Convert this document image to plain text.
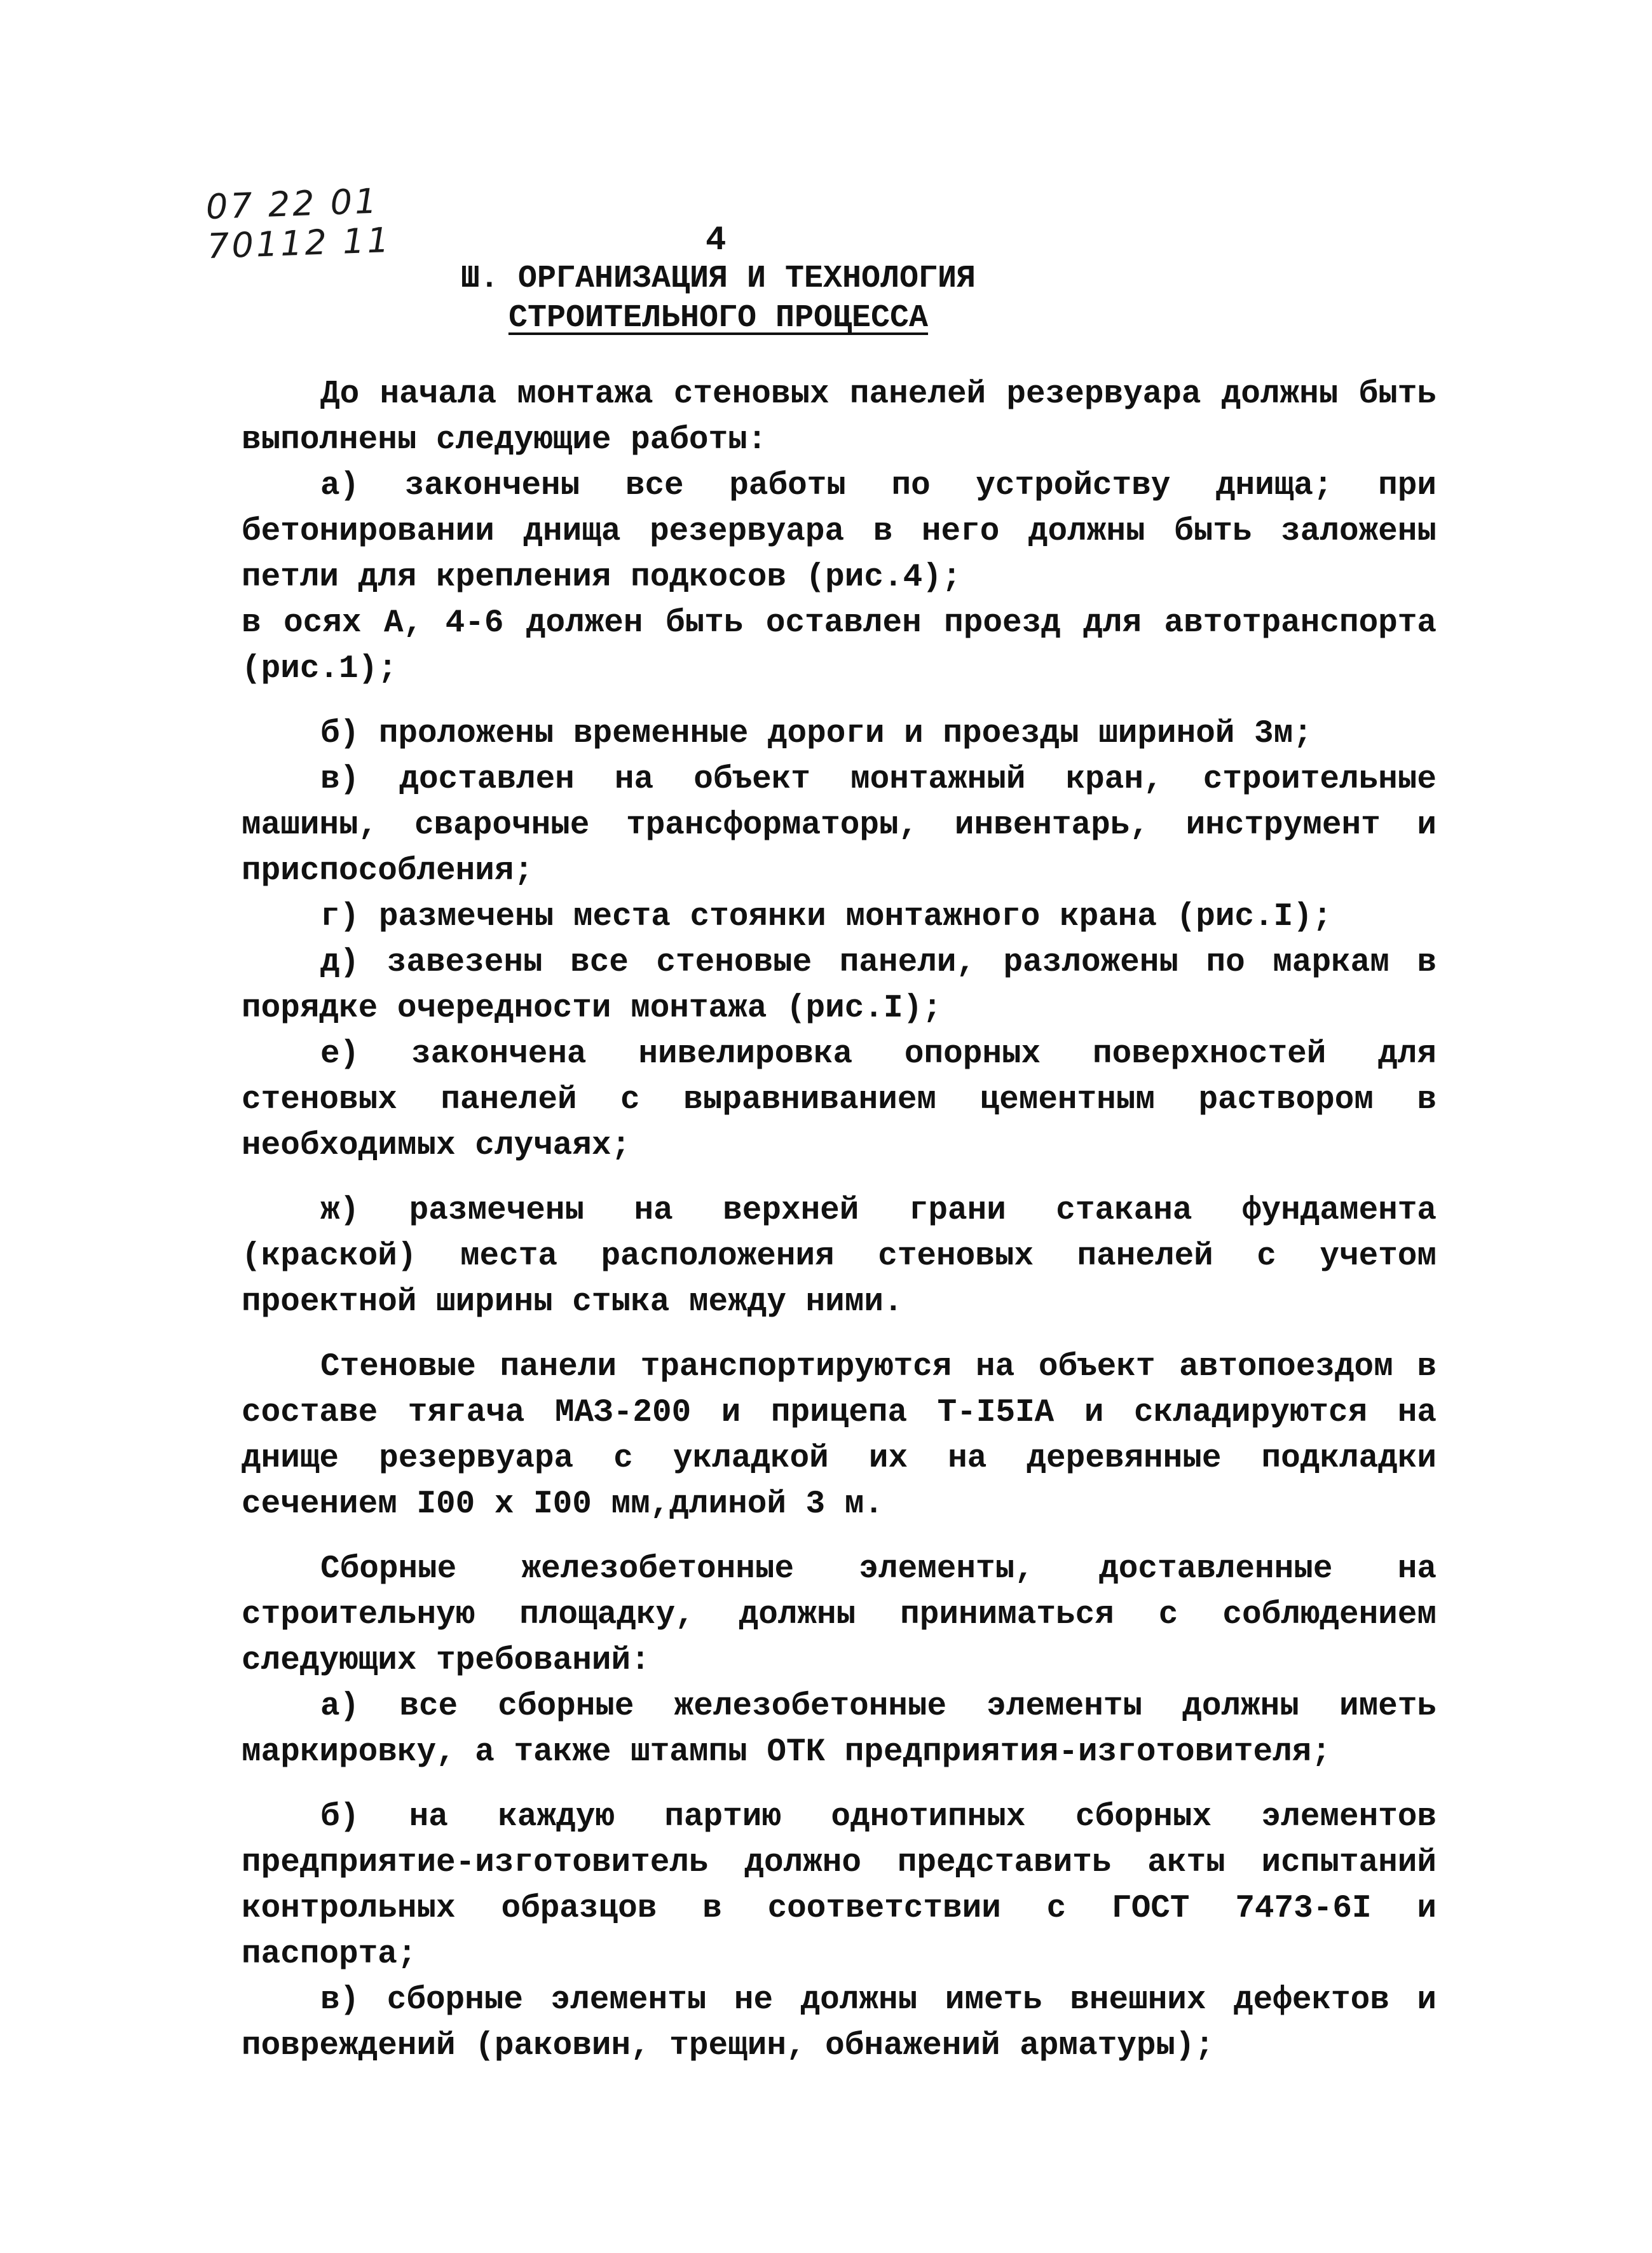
07 22 01
70112 11	4
Ш. ОРГАНИЗАЦИЯ И ТЕХНОЛОГИЯ
СТРОИТЕЛЬНОГО ПРОЦЕССА

До начала монтажа стеновых панелей резервуара должны быть выполнены следующие работы:

а) закончены все работы по устройству днища; при бетонировании днища резервуара в него должны быть заложены петли для крепления подкосов (рис.4);

в осях А, 4-6 должен быть оставлен проезд для автотранспорта (рис.1);

б) проложены временные дороги и проезды шириной 3м;

в) доставлен на объект монтажный кран, строительные машины, сварочные трансформаторы, инвентарь, инструмент и приспособления;

г) размечены места стоянки монтажного крана (рис.I);

д) завезены все стеновые панели, разложены по маркам в порядке очередности монтажа (рис.I);

е) закончена нивелировка опорных поверхностей для стеновых панелей с выравниванием цементным раствором в необходимых случаях;

ж) размечены на верхней грани стакана фундамента (краской) места расположения стеновых панелей с учетом проектной ширины стыка между ними.

Стеновые панели транспортируются на объект автопоездом в составе тягача МАЗ-200 и прицепа Т-I5IА и складируются на днище резервуара с укладкой их на деревянные подкладки сечением I00 х I00 мм,длиной 3 м.

Сборные железобетонные элементы, доставленные на строительную площадку, должны приниматься с соблюдением следующих требований:

а) все сборные железобетонные элементы должны иметь маркировку, а также штампы ОТК предприятия-изготовителя;

б) на каждую партию однотипных сборных элементов предприятие-изготовитель должно представить акты испытаний контрольных образцов в соответствии с ГОСТ 7473-6I и паспорта;

в) сборные элементы не должны иметь внешних дефектов и повреждений (раковин, трещин, обнажений арматуры);
